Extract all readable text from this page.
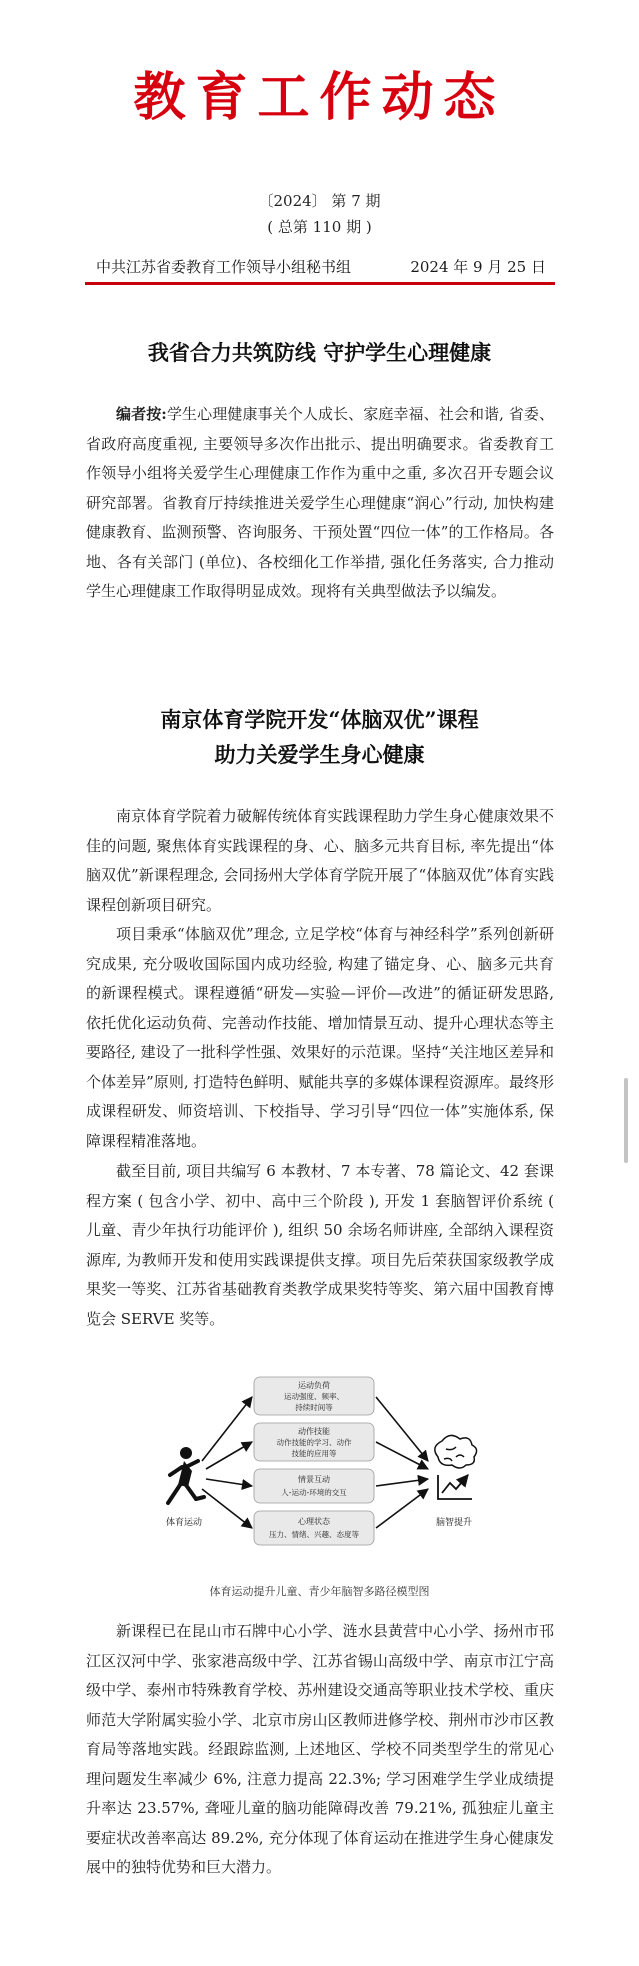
教育工作动态
〔2024〕 第 7 期
( 总第 110 期 )
中共江苏省委教育工作领导小组秘书组	2024 年 9 月 25 日
我省合力共筑防线 守护学生心理健康

编者按:学生心理健康事关个人成长、家庭幸福、社会和谐, 省委、省政府高度重视, 主要领导多次作出批示、提出明确要求。省委教育工作领导小组将关爱学生心理健康工作作为重中之重, 多次召开专题会议研究部署。省教育厅持续推进关爱学生心理健康“润心”行动, 加快构建健康教育、监测预警、咨询服务、干预处置“四位一体”的工作格局。各地、各有关部门 (单位)、各校细化工作举措, 强化任务落实, 合力推动学生心理健康工作取得明显成效。现将有关典型做法予以编发。

南京体育学院开发“体脑双优”课程
助力关爱学生身心健康

南京体育学院着力破解传统体育实践课程助力学生身心健康效果不佳的问题, 聚焦体育实践课程的身、心、脑多元共育目标, 率先提出“体脑双优”新课程理念, 会同扬州大学体育学院开展了“体脑双优”体育实践课程创新项目研究。

项目秉承“体脑双优”理念, 立足学校“体育与神经科学”系列创新研究成果, 充分吸收国际国内成功经验, 构建了锚定身、心、脑多元共育的新课程模式。课程遵循“研发—实验—评价—改进”的循证研发思路, 依托优化运动负荷、完善动作技能、增加情景互动、提升心理状态等主要路径, 建设了一批科学性强、效果好的示范课。坚持“关注地区差异和个体差异”原则, 打造特色鲜明、赋能共享的多媒体课程资源库。最终形成课程研发、师资培训、下校指导、学习引导“四位一体”实施体系, 保障课程精准落地。

截至目前, 项目共编写 6 本教材、7 本专著、78 篇论文、42 套课程方案 ( 包含小学、初中、高中三个阶段 ), 开发 1 套脑智评价系统 ( 儿童、青少年执行功能评价 ), 组织 50 余场名师讲座, 全部纳入课程资源库, 为教师开发和使用实践课提供支撑。项目先后荣获国家级教学成果奖一等奖、江苏省基础教育类教学成果奖特等奖、第六届中国教育博览会 SERVE 奖等。

体育运动	脑智提升
运动负荷
运动强度、频率、
持续时间等
动作技能
动作技能的学习、动作
技能的应用等
情景互动
人-运动-环境的交互
心理状态
压力、情绪、兴趣、态度等
体育运动提升儿童、青少年脑智多路径模型图

新课程已在昆山市石牌中心小学、涟水县黄营中心小学、扬州市邗江区汉河中学、张家港高级中学、江苏省锡山高级中学、南京市江宁高级中学、泰州市特殊教育学校、苏州建设交通高等职业技术学校、重庆师范大学附属实验小学、北京市房山区教师进修学校、荆州市沙市区教育局等落地实践。经跟踪监测, 上述地区、学校不同类型学生的常见心理问题发生率减少 6%, 注意力提高 22.3%; 学习困难学生学业成绩提升率达 23.57%, 聋哑儿童的脑功能障碍改善 79.21%, 孤独症儿童主要症状改善率高达 89.2%, 充分体现了体育运动在推进学生身心健康发展中的独特优势和巨大潜力。
